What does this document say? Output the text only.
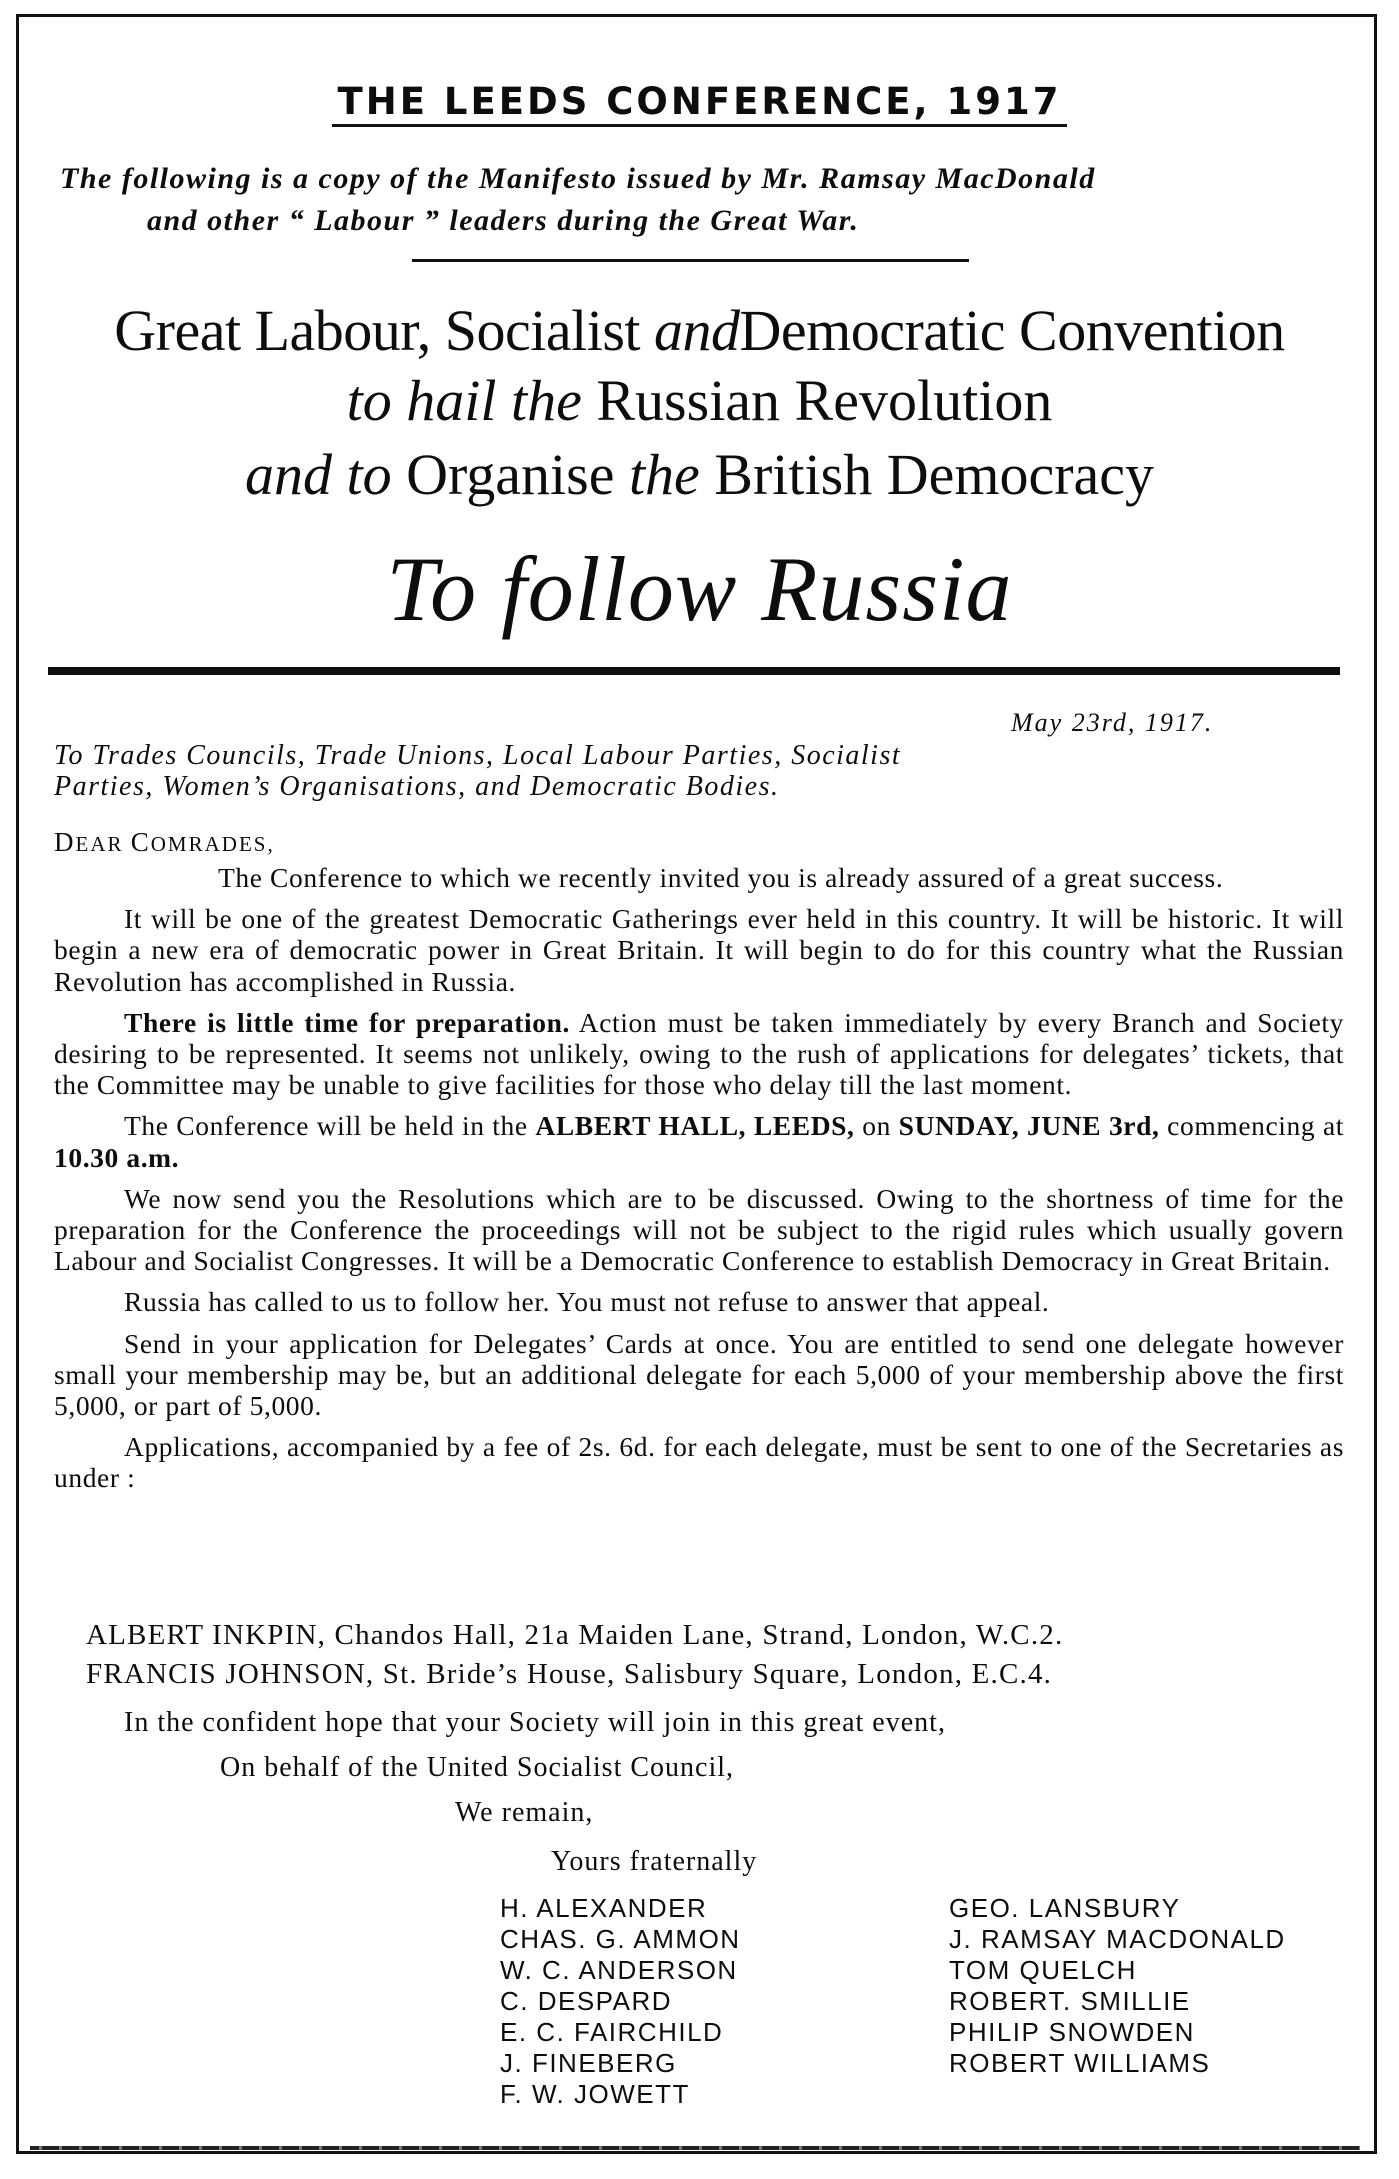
THE LEEDS CONFERENCE, 1917
The following is a copy of the Manifesto issued by Mr. Ramsay MacDonald
and other “ Labour ” leaders during the Great War.
Great Labour, Socialist andDemocratic Convention
to hail the Russian Revolution
and to Organise the British Democracy
To follow Russia
May 23rd, 1917.
To Trades Councils, Trade Unions, Local Labour Parties, Socialist
Parties, Women’s Organisations, and Democratic Bodies.
DEAR COMRADES,

The Conference to which we recently invited you is already assured of a great success.

It will be one of the greatest Democratic Gatherings ever held in this country. It will be historic. It will begin a new era of democratic power in Great Britain. It will begin to do for this country what the Russian Revolution has accomplished in Russia.

There is little time for preparation. Action must be taken immediately by every Branch and Society desiring to be represented. It seems not unlikely, owing to the rush of applications for delegates’ tickets, that the Committee may be unable to give facilities for those who delay till the last moment.

The Conference will be held in the ALBERT HALL, LEEDS, on SUNDAY, JUNE 3rd, commencing at 10.30 a.m.

We now send you the Resolutions which are to be discussed. Owing to the shortness of time for the preparation for the Conference the proceedings will not be subject to the rigid rules which usually govern Labour and Socialist Congresses. It will be a Democratic Conference to establish Democracy in Great Britain.

Russia has called to us to follow her. You must not refuse to answer that appeal.

Send in your application for Delegates’ Cards at once. You are entitled to send one delegate however small your membership may be, but an additional delegate for each 5,000 of your membership above the first 5,000, or part of 5,000.

Applications, accompanied by a fee of 2s. 6d. for each delegate, must be sent to one of the Secretaries as under :

ALBERT INKPIN, Chandos Hall, 21a Maiden Lane, Strand, London, W.C.2.
FRANCIS JOHNSON, St. Bride’s House, Salisbury Square, London, E.C.4.
In the confident hope that your Society will join in this great event,
On behalf of the United Socialist Council,
We remain,
Yours fraternally
H. ALEXANDER
CHAS. G. AMMON
W. C. ANDERSON
C. DESPARD
E. C. FAIRCHILD
J. FINEBERG
F. W. JOWETT
GEO. LANSBURY
J. RAMSAY MACDONALD
TOM QUELCH
ROBERT. SMILLIE
PHILIP SNOWDEN
ROBERT WILLIAMS
